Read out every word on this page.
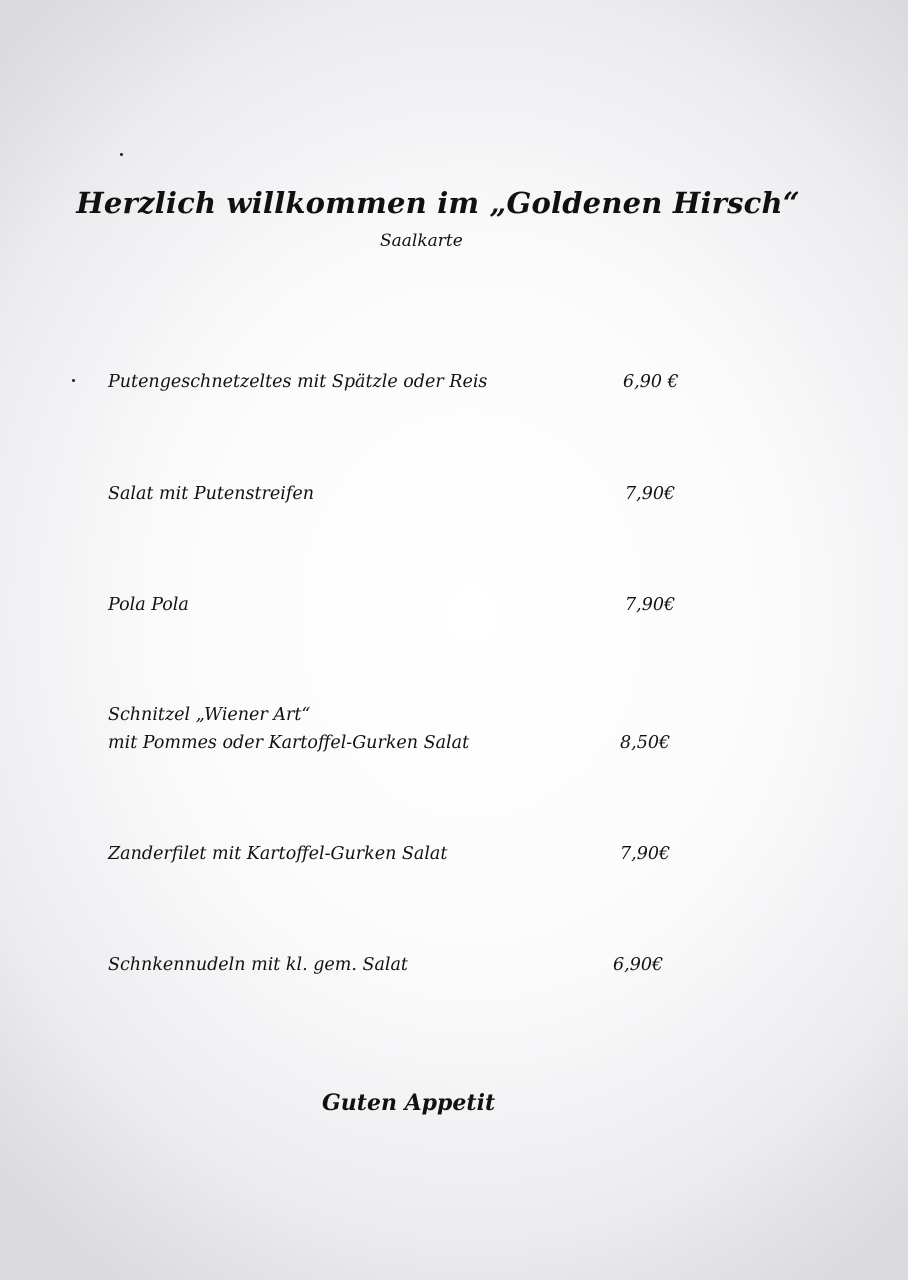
Herzlich willkommen im „Goldenen Hirsch“
Saalkarte
Putengeschnetzeltes mit Spätzle oder Reis	6,90 €
Salat mit Putenstreifen	7,90€
Pola Pola	7,90€
Schnitzel „Wiener Art“
mit Pommes oder Kartoffel-Gurken Salat	8,50€
Zanderfilet mit Kartoffel-Gurken Salat	7,90€
Schnkennudeln mit kl. gem. Salat	6,90€
Guten Appetit
